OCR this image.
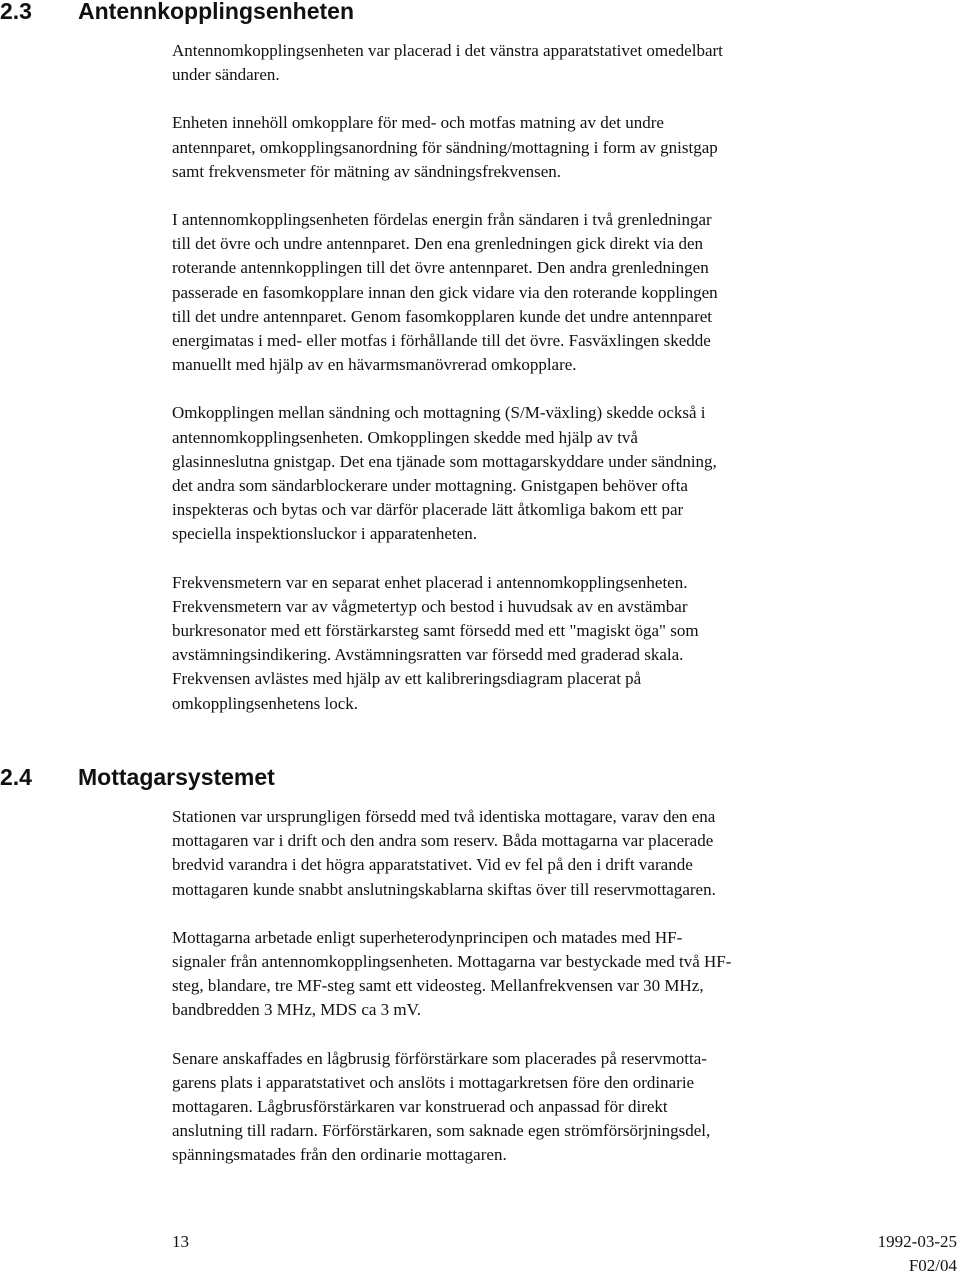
2.3 Antennkopplingsenheten

Antennomkopplingsenheten var placerad i det vänstra apparatstativet omedelbart
under sändaren.

Enheten innehöll omkopplare för med- och motfas matning av det undre
antennparet, omkopplingsanordning för sändning/mottagning i form av gnistgap
samt frekvensmeter för mätning av sändningsfrekvensen.

I antennomkopplingsenheten fördelas energin från sändaren i två grenledningar
till det övre och undre antennparet. Den ena grenledningen gick direkt via den
roterande antennkopplingen till det övre antennparet. Den andra grenledningen
passerade en fasomkopplare innan den gick vidare via den roterande kopplingen
till det undre antennparet. Genom fasomkopplaren kunde det undre antennparet
energimatas i med- eller motfas i förhållande till det övre. Fasväxlingen skedde
manuellt med hjälp av en hävarmsmanövrerad omkopplare.

Omkopplingen mellan sändning och mottagning (S/M-växling) skedde också i
antennomkopplingsenheten. Omkopplingen skedde med hjälp av två
glasinneslutna gnistgap. Det ena tjänade som mottagarskyddare under sändning,
det andra som sändarblockerare under mottagning. Gnistgapen behöver ofta
inspekteras och bytas och var därför placerade lätt åtkomliga bakom ett par
speciella inspektionsluckor i apparatenheten.

Frekvensmetern var en separat enhet placerad i antennomkopplingsenheten.
Frekvensmetern var av vågmetertyp och bestod i huvudsak av en avstämbar
burkresonator med ett förstärkarsteg samt försedd med ett "magiskt öga" som
avstämningsindikering. Avstämningsratten var försedd med graderad skala.
Frekvensen avlästes med hjälp av ett kalibreringsdiagram placerat på
omkopplingsenhetens lock.

2.4 Mottagarsystemet

Stationen var ursprungligen försedd med två identiska mottagare, varav den ena
mottagaren var i drift och den andra som reserv. Båda mottagarna var placerade
bredvid varandra i det högra apparatstativet. Vid ev fel på den i drift varande
mottagaren kunde snabbt anslutningskablarna skiftas över till reservmottagaren.

Mottagarna arbetade enligt superheterodynprincipen och matades med HF-
signaler från antennomkopplingsenheten. Mottagarna var bestyckade med två HF-
steg, blandare, tre MF-steg samt ett videosteg. Mellanfrekvensen var 30 MHz,
bandbredden 3 MHz, MDS ca 3 mV.

Senare anskaffades en lågbrusig förförstärkare som placerades på reservmotta-
garens plats i apparatstativet och anslöts i mottagarkretsen före den ordinarie
mottagaren. Lågbrusförstärkaren var konstruerad och anpassad för direkt
anslutning till radarn. Förförstärkaren, som saknade egen strömförsörjningsdel,
spänningsmatades från den ordinarie mottagaren.

13	1992-03-25
F02/04
